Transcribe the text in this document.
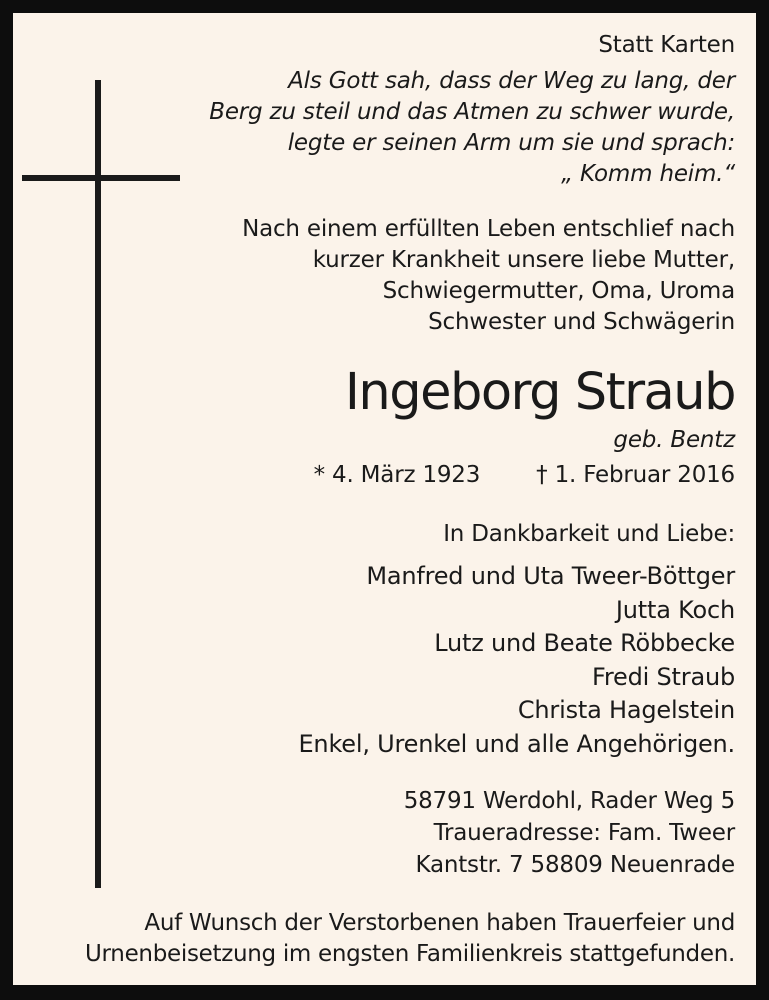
Statt Karten
Als Gott sah, dass der Weg zu lang, der
Berg zu steil und das Atmen zu schwer wurde,
legte er seinen Arm um sie und sprach:
„ Komm heim.“
Nach einem erfüllten Leben entschlief nach
kurzer Krankheit unsere liebe Mutter,
Schwiegermutter, Oma, Uroma
Schwester und Schwägerin
Ingeborg Straub
geb. Bentz
* 4. März 1923 † 1. Februar 2016
In Dankbarkeit und Liebe:
Manfred und Uta Tweer-Böttger
Jutta Koch
Lutz und Beate Röbbecke
Fredi Straub
Christa Hagelstein
Enkel, Urenkel und alle Angehörigen.
58791 Werdohl, Rader Weg 5
Traueradresse: Fam. Tweer
Kantstr. 7 58809 Neuenrade
Auf Wunsch der Verstorbenen haben Trauerfeier und
Urnenbeisetzung im engsten Familienkreis stattgefunden.
